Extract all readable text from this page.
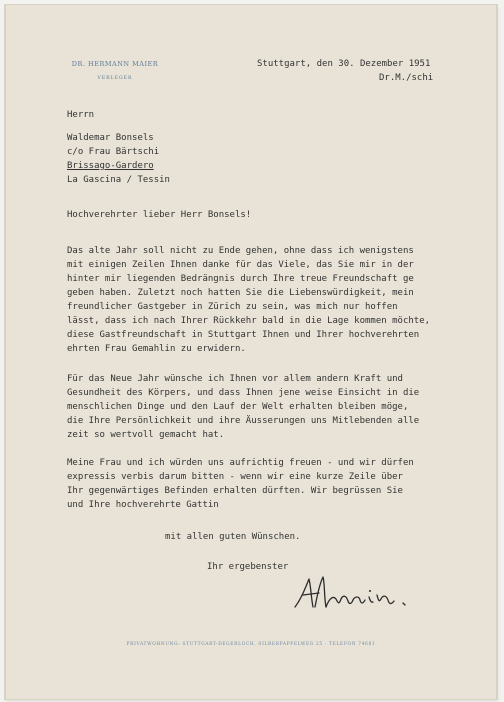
DR. HERMANN MAIER
VERLEGER
Stuttgart, den 30. Dezember 1951
Dr.M./schi
Herrn
Waldemar Bonsels
c/o Frau Bärtschi
Brissago-Gardero
La Gascina / Tessin
Hochverehrter lieber Herr Bonsels!
Das alte Jahr soll nicht zu Ende gehen, ohne dass ich wenigstens
mit einigen Zeilen Ihnen danke für das Viele, das Sie mir in der
hinter mir liegenden Bedrängnis durch Ihre treue Freundschaft ge
geben haben. Zuletzt noch hatten Sie die Liebenswürdigkeit, mein
freundlicher Gastgeber in Zürich zu sein, was mich nur hoffen
lässt, dass ich nach Ihrer Rückkehr bald in die Lage kommen möchte,
diese Gastfreundschaft in Stuttgart Ihnen und Ihrer hochverehrten
ehrten Frau Gemahlin zu erwidern.
Für das Neue Jahr wünsche ich Ihnen vor allem andern Kraft und
Gesundheit des Körpers, und dass Ihnen jene weise Einsicht in die
menschlichen Dinge und den Lauf der Welt erhalten bleiben möge,
die Ihre Persönlichkeit und ihre Äusserungen uns Mitlebenden alle
zeit so wertvoll gemacht hat.
Meine Frau und ich würden uns aufrichtig freuen - und wir dürfen
expressis verbis darum bitten - wenn wir eine kurze Zeile über
Ihr gegenwärtiges Befinden erhalten dürften. Wir begrüssen Sie
und Ihre hochverehrte Gattin
mit allen guten Wünschen.
Ihr ergebenster
PRIVATWOHNUNG: STUTTGART-DEGERLOCH, SILBERPAPPELWEG 25 · TELEFON 74681
